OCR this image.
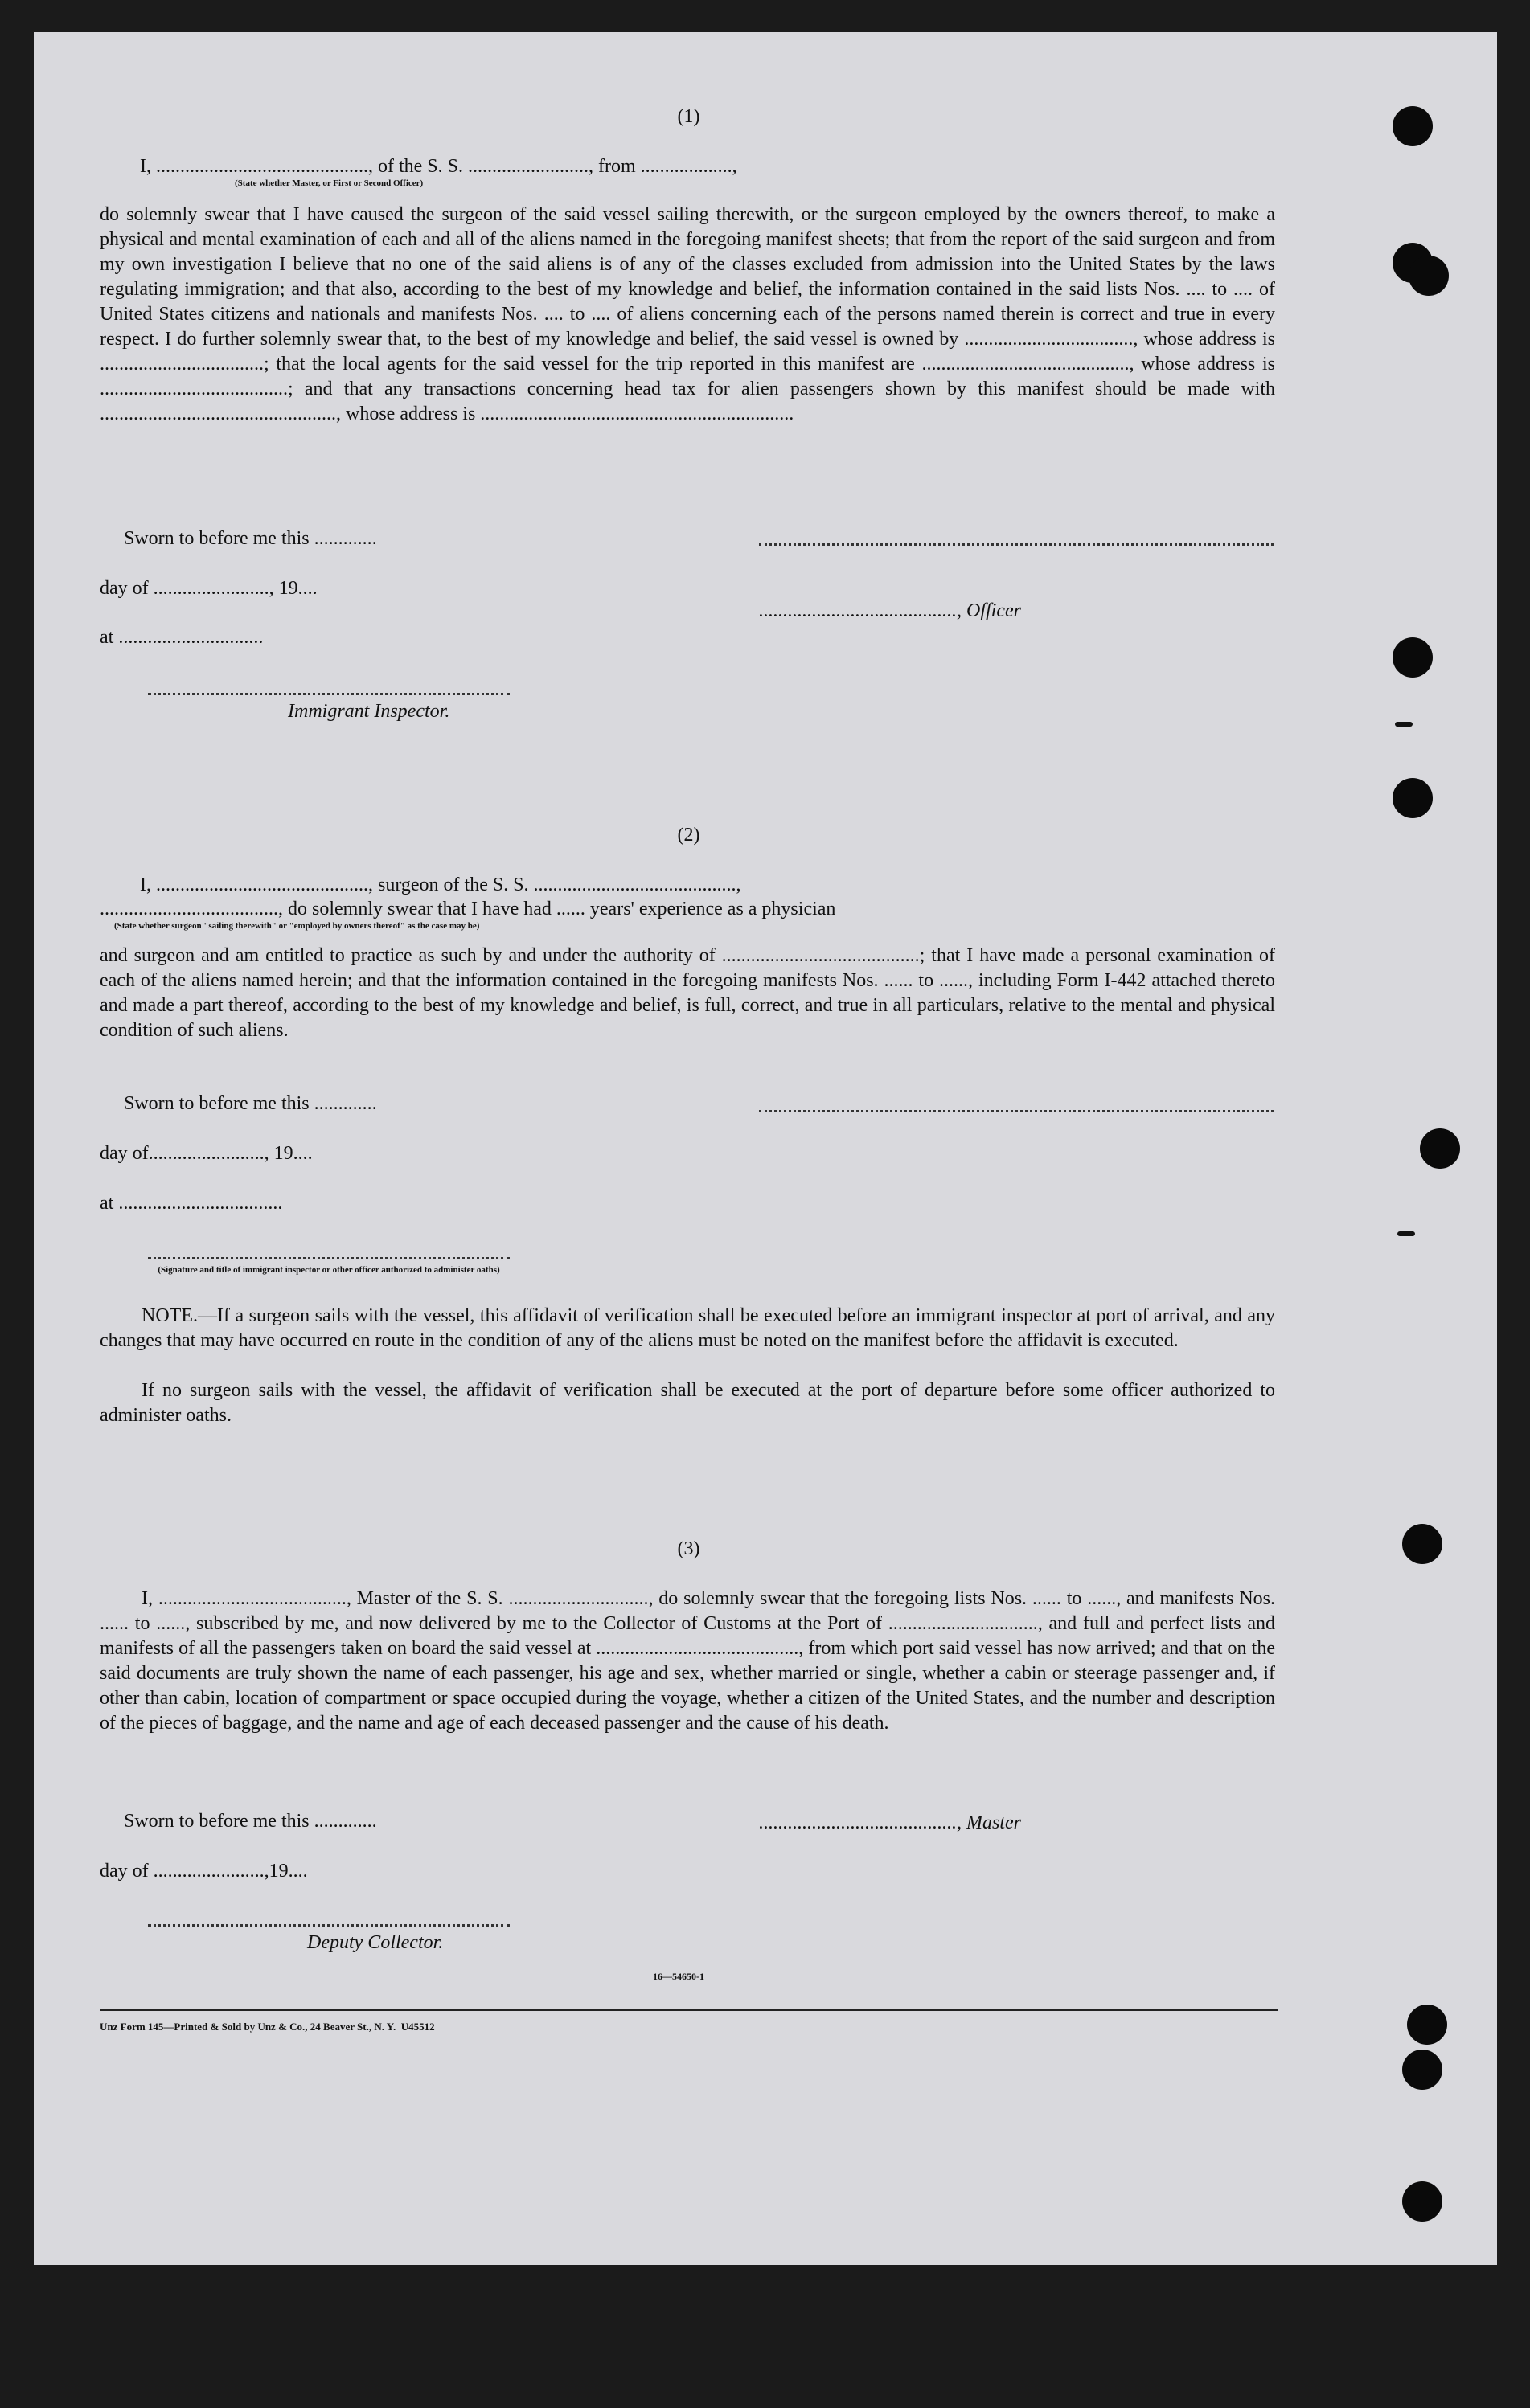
(1)
I, ............................................, of the S. S. ........................., from ...................,
(State whether Master, or First or Second Officer)

do solemnly swear that I have caused the surgeon of the said vessel sailing therewith, or the surgeon employed by the owners thereof, to make a physical and mental examination of each and all of the aliens named in the foregoing manifest sheets; that from the report of the said surgeon and from my own investigation I believe that no one of the said aliens is of any of the classes excluded from admission into the United States by the laws regulating immigration; and that also, according to the best of my knowledge and belief, the information contained in the said lists Nos. .... to .... of United States citizens and nationals and manifests Nos. .... to .... of aliens concerning each of the persons named therein is correct and true in every respect. I do further solemnly swear that, to the best of my knowledge and belief, the said vessel is owned by ..................................., whose address is ..................................; that the local agents for the said vessel for the trip reported in this manifest are ..........................................., whose address is .......................................; and that any transactions concerning head tax for alien passengers shown by this manifest should be made with ................................................., whose address is .................................................................

Sworn to before me this .............
day of ........................, 19....
........................................., Officer
at ..............................
Immigrant Inspector.
(2)
I, ............................................, surgeon of the S. S. ..........................................,
....................................., do solemnly swear that I have had ...... years' experience as a physician
(State whether surgeon "sailing therewith" or "employed by owners thereof" as the case may be)

and surgeon and am entitled to practice as such by and under the authority of .........................................; that I have made a personal examination of each of the aliens named herein; and that the information contained in the foregoing manifests Nos. ...... to ......, including Form I-442 attached thereto and made a part thereof, according to the best of my knowledge and belief, is full, correct, and true in all particulars, relative to the mental and physical condition of such aliens.

Sworn to before me this .............
day of........................, 19....
at ..................................
(Signature and title of immigrant inspector or other officer authorized to administer oaths)

NOTE.—If a surgeon sails with the vessel, this affidavit of verification shall be executed before an immigrant inspector at port of arrival, and any changes that may have occurred en route in the condition of any of the aliens must be noted on the manifest before the affidavit is executed.

If no surgeon sails with the vessel, the affidavit of verification shall be executed at the port of departure before some officer authorized to administer oaths.

(3)

I, ......................................., Master of the S. S. ............................., do solemnly swear that the foregoing lists Nos. ...... to ......, and manifests Nos. ...... to ......, subscribed by me, and now delivered by me to the Collector of Customs at the Port of ..............................., and full and perfect lists and manifests of all the passengers taken on board the said vessel at .........................................., from which port said vessel has now arrived; and that on the said documents are truly shown the name of each passenger, his age and sex, whether married or single, whether a cabin or steerage passenger and, if other than cabin, location of compartment or space occupied during the voyage, whether a citizen of the United States, and the number and description of the pieces of baggage, and the name and age of each deceased passenger and the cause of his death.

Sworn to before me this .............	........................................., Master
day of .......................,19....
Deputy Collector.
16—54650-1
Unz Form 145—Printed & Sold by Unz & Co., 24 Beaver St., N. Y.  U45512
